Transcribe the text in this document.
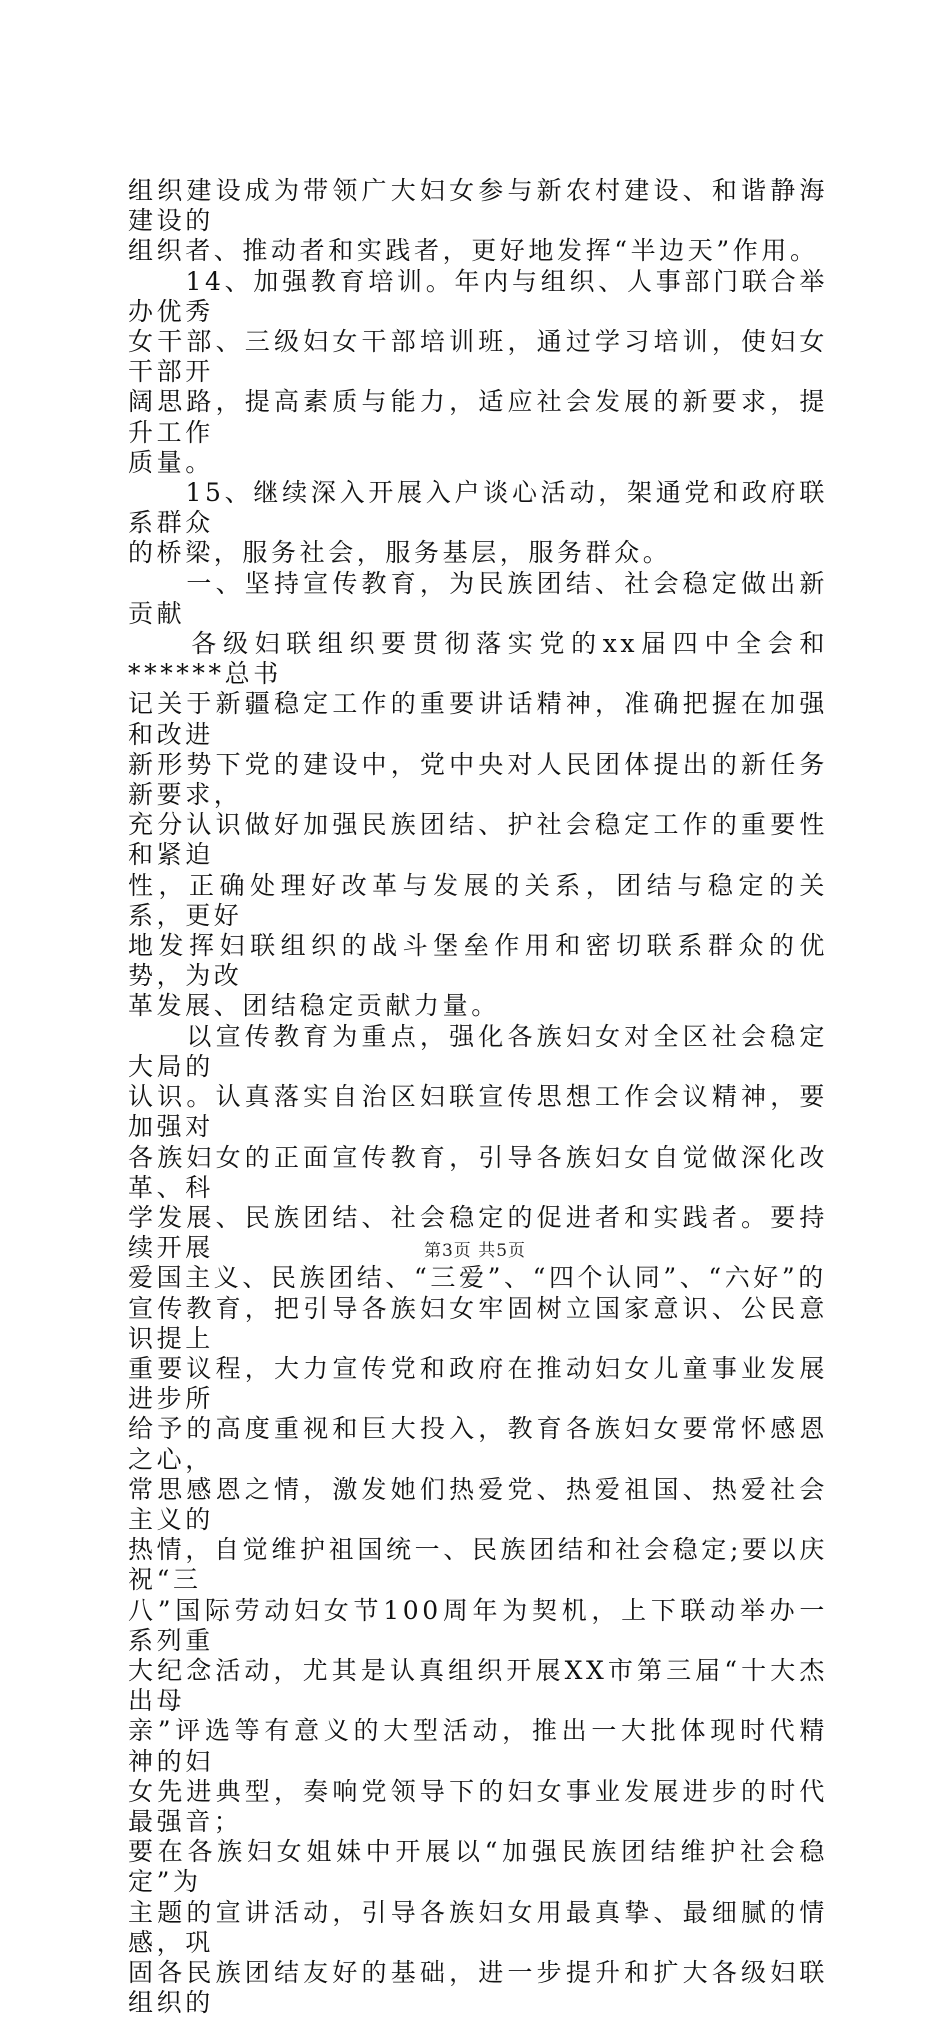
组织建设成为带领广大妇女参与新农村建设、和谐静海建设的
组织者、推动者和实践者，更好地发挥“半边天”作用。
　　14、加强教育培训。年内与组织、人事部门联合举办优秀
女干部、三级妇女干部培训班，通过学习培训，使妇女干部开
阔思路，提高素质与能力，适应社会发展的新要求，提升工作
质量。
　　15、继续深入开展入户谈心活动，架通党和政府联系群众
的桥梁，服务社会，服务基层，服务群众。
　　一、坚持宣传教育，为民族团结、社会稳定做出新贡献
　　各级妇联组织要贯彻落实党的xx届四中全会和******总书
记关于新疆稳定工作的重要讲话精神，准确把握在加强和改进
新形势下党的建设中，党中央对人民团体提出的新任务新要求，
充分认识做好加强民族团结、护社会稳定工作的重要性和紧迫
性，正确处理好改革与发展的关系，团结与稳定的关系，更好
地发挥妇联组织的战斗堡垒作用和密切联系群众的优势，为改
革发展、团结稳定贡献力量。
　　以宣传教育为重点，强化各族妇女对全区社会稳定大局的
认识。认真落实自治区妇联宣传思想工作会议精神，要加强对
各族妇女的正面宣传教育，引导各族妇女自觉做深化改革、科
学发展、民族团结、社会稳定的促进者和实践者。要持续开展
爱国主义、民族团结、“三爱”、“四个认同”、“六好”的
宣传教育，把引导各族妇女牢固树立国家意识、公民意识提上
重要议程，大力宣传党和政府在推动妇女儿童事业发展进步所
给予的高度重视和巨大投入，教育各族妇女要常怀感恩之心，
常思感恩之情，激发她们热爱党、热爱祖国、热爱社会主义的
热情，自觉维护祖国统一、民族团结和社会稳定;要以庆祝“三
八”国际劳动妇女节100周年为契机，上下联动举办一系列重
大纪念活动，尤其是认真组织开展XX市第三届“十大杰出母
亲”评选等有意义的大型活动，推出一大批体现时代精神的妇
女先进典型，奏响党领导下的妇女事业发展进步的时代最强音；
要在各族妇女姐妹中开展以“加强民族团结维护社会稳定”为
主题的宣讲活动，引导各族妇女用最真挚、最细腻的情感，巩
固各民族团结友好的基础，进一步提升和扩大各级妇联组织的
第3页 共5页
